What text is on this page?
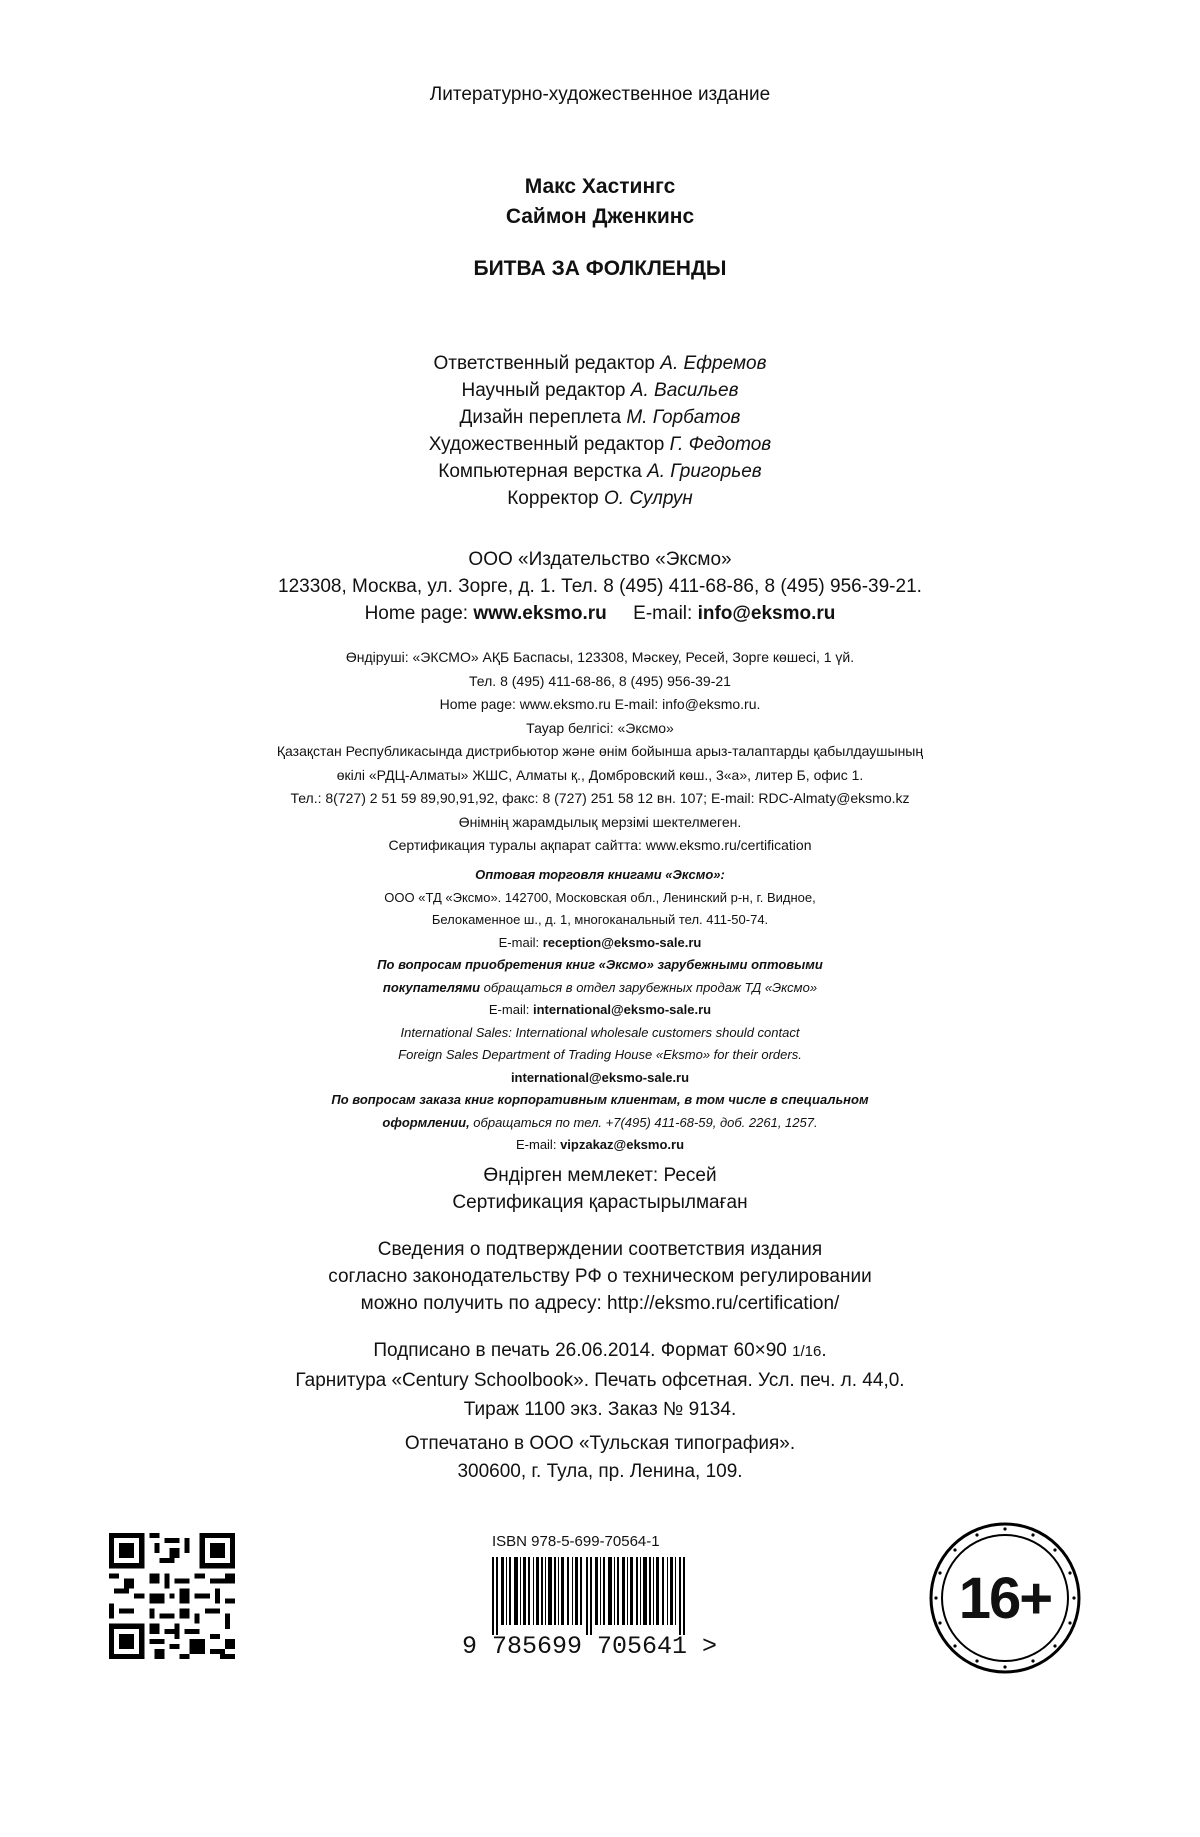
Литературно-художественное издание
Макс Хастингс
Саймон Дженкинс
БИТВА ЗА ФОЛКЛЕНДЫ
Ответственный редактор А. Ефремов
Научный редактор А. Васильев
Дизайн переплета М. Горбатов
Художественный редактор Г. Федотов
Компьютерная верстка А. Григорьев
Корректор О. Сулрун
ООО «Издательство «Эксмо»
123308, Москва, ул. Зорге, д. 1. Тел. 8 (495) 411-68-86, 8 (495) 956-39-21.
Home page: www.eksmo.ru E-mail: info@eksmo.ru
Өндіруші: «ЭКСМО» АҚБ Баспасы, 123308, Мәскеу, Ресей, Зорге көшесі, 1 үй.
Тел. 8 (495) 411-68-86, 8 (495) 956-39-21
Home page: www.eksmo.ru E-mail: info@eksmo.ru.
Тауар белгісі: «Эксмо»
Қазақстан Республикасында дистрибьютор және өнім бойынша арыз-талаптарды қабылдаушының
өкілі «РДЦ-Алматы» ЖШС, Алматы қ., Домбровский көш., 3«а», литер Б, офис 1.
Тел.: 8(727) 2 51 59 89,90,91,92, факс: 8 (727) 251 58 12 вн. 107; E-mail: RDC-Almaty@eksmo.kz
Өнімнің жарамдылық мерзімі шектелмеген.
Сертификация туралы ақпарат сайтта: www.eksmo.ru/certification
Оптовая торговля книгами «Эксмо»:
ООО «ТД «Эксмо». 142700, Московская обл., Ленинский р-н, г. Видное,
Белокаменное ш., д. 1, многоканальный тел. 411-50-74.
E-mail: reception@eksmo-sale.ru
По вопросам приобретения книг «Эксмо» зарубежными оптовыми
покупателями обращаться в отдел зарубежных продаж ТД «Эксмо»
E-mail: international@eksmo-sale.ru
International Sales: International wholesale customers should contact
Foreign Sales Department of Trading House «Eksmo» for their orders.
international@eksmo-sale.ru
По вопросам заказа книг корпоративным клиентам, в том числе в специальном
оформлении, обращаться по тел. +7(495) 411-68-59, доб. 2261, 1257.
E-mail: vipzakaz@eksmo.ru
Өндірген мемлекет: Ресей
Сертификация қарастырылмаған
Сведения о подтверждении соответствия издания
согласно законодательству РФ о техническом регулировании
можно получить по адресу: http://eksmo.ru/certification/
Подписано в печать 26.06.2014. Формат 60×90 1/16.
Гарнитура «Century Schoolbook». Печать офсетная. Усл. печ. л. 44,0.
Тираж 1100 экз. Заказ № 9134.
Отпечатано в ООО «Тульская типография».
300600, г. Тула, пр. Ленина, 109.
ISBN 978-5-699-70564-1
9 785699 705641 >
16+
